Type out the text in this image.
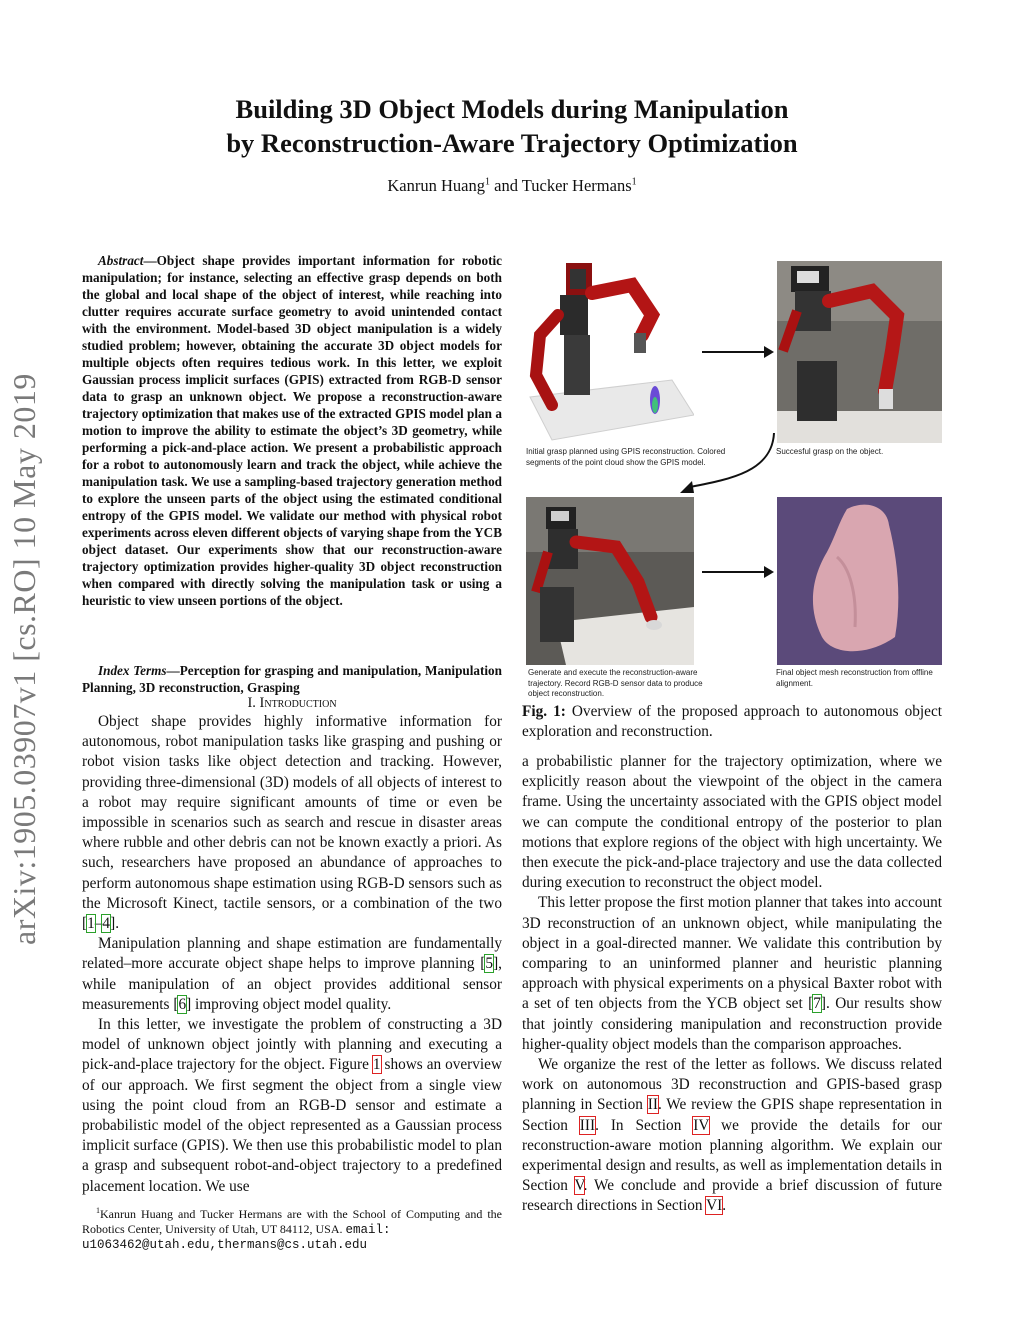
Building 3D Object Models during Manipulation
by Reconstruction-Aware Trajectory Optimization
Kanrun Huang$^1$ and Tucker Hermans$^1$
arXiv:1905.03907v1 [cs.RO] 10 May 2019

Abstract—Object shape provides important information for robotic manipulation; for instance, selecting an effective grasp depends on both the global and local shape of the object of interest, while reaching into clutter requires accurate surface geometry to avoid unintended contact with the environment. Model-based 3D object manipulation is a widely studied problem; however, obtaining the accurate 3D object models for multiple objects often requires tedious work. In this letter, we exploit Gaussian process implicit surfaces (GPIS) extracted from RGB-D sensor data to grasp an unknown object. We propose a reconstruction-aware trajectory optimization that makes use of the extracted GPIS model plan a motion to improve the ability to estimate the object’s 3D geometry, while performing a pick-and-place action. We present a probabilistic approach for a robot to autonomously learn and track the object, while achieve the manipulation task. We use a sampling-based trajectory generation method to explore the unseen parts of the object using the estimated conditional entropy of the GPIS model. We validate our method with physical robot experiments across eleven different objects of varying shape from the YCB object dataset. Our experiments show that our reconstruction-aware trajectory optimization provides higher-quality 3D object reconstruction when compared with directly solving the manipulation task or using a heuristic to view unseen portions of the object.

Index Terms—Perception for grasping and manipulation, Manipulation Planning, 3D reconstruction, Grasping

I. Introduction

Object shape provides highly informative information for autonomous, robot manipulation tasks like grasping and pushing or robot vision tasks like object detection and tracking. However, providing three-dimensional (3D) models of all objects of interest to a robot may require significant amounts of time or even be impossible in scenarios such as search and rescue in disaster areas where rubble and other debris can not be known exactly a priori. As such, researchers have proposed an abundance of approaches to perform autonomous shape estimation using RGB-D sensors such as the Microsoft Kinect, tactile sensors, or a combination of the two [1–4].

Manipulation planning and shape estimation are fundamentally related–more accurate object shape helps to improve planning [5], while manipulation of an object provides additional sensor measurements [6] improving object model quality.

In this letter, we investigate the problem of constructing a 3D model of unknown object jointly with planning and executing a pick-and-place trajectory for the object. Figure 1 shows an overview of our approach. We first segment the object from a single view using the point cloud from an RGB-D sensor and estimate a probabilistic model of the object represented as a Gaussian process implicit surface (GPIS). We then use this probabilistic model to plan a grasp and subsequent robot-and-object trajectory to a predefined placement location. We use

$^1$Kanrun Huang and Tucker Hermans are with the School of Computing and the Robotics Center, University of Utah, UT 84112, USA. email:
u1063462@utah.edu,thermans@cs.utah.edu

Initial grasp planned using GPIS reconstruction. Colored segments of the point cloud show the GPIS model.
Succesful grasp on the object.
Generate and execute the reconstruction-aware trajectory. Record RGB-D sensor data to produce object reconstruction.
Final object mesh reconstruction from offline alignment.

Fig. 1: Overview of the proposed approach to autonomous object exploration and reconstruction.

a probabilistic planner for the trajectory optimization, where we explicitly reason about the viewpoint of the object in the camera frame. Using the uncertainty associated with the GPIS object model we can compute the conditional entropy of the posterior to plan motions that explore regions of the object with high uncertainty. We then execute the pick-and-place trajectory and use the data collected during execution to reconstruct the object model.

This letter propose the first motion planner that takes into account 3D reconstruction of an unknown object, while manipulating the object in a goal-directed manner. We validate this contribution by comparing to an uninformed planner and heuristic planning approach with physical experiments on a physical Baxter robot with a set of ten objects from the YCB object set [7]. Our results show that jointly considering manipulation and reconstruction provide higher-quality object models than the comparison approaches.

We organize the rest of the letter as follows. We discuss related work on autonomous 3D reconstruction and GPIS-based grasp planning in Section II. We review the GPIS shape representation in Section III. In Section IV we provide the details for our reconstruction-aware motion planning algorithm. We explain our experimental design and results, as well as implementation details in Section V. We conclude and provide a brief discussion of future research directions in Section VI.
